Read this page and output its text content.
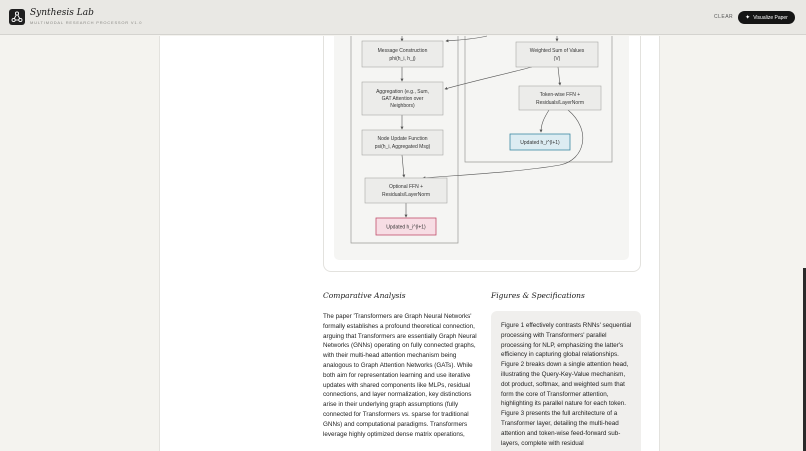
Synthesis Lab
MULTIMODAL RESEARCH PROCESSOR V1.0
CLEAR ✦ Visualize Paper
Message Construction
phi(h_i, h_j)
Aggregation (e.g., Sum,
GAT Attention over
Neighbors)
Node Update Function
psi(h_i, Aggregated Msg)
Optional FFN +
Residuals/LayerNorm
Updated h_i^(l+1)
Weighted Sum of Values
(V)
Token-wise FFN +
Residuals/LayerNorm
Updated h_i^(l+1)
Comparative Analysis	Figures & Specifications
The paper 'Transformers are Graph Neural Networks' formally establishes a profound theoretical connection, arguing that Transformers are essentially Graph Neural Networks (GNNs) operating on fully connected graphs, with their multi-head attention mechanism being analogous to Graph Attention Networks (GATs). While both aim for representation learning and use iterative updates with shared components like MLPs, residual connections, and layer normalization, key distinctions arise in their underlying graph assumptions (fully connected for Transformers vs. sparse for traditional GNNs) and computational paradigms. Transformers leverage highly optimized dense matrix operations,
Figure 1 effectively contrasts RNNs' sequential processing with Transformers' parallel processing for NLP, emphasizing the latter's efficiency in capturing global relationships. Figure 2 breaks down a single attention head, illustrating the Query-Key-Value mechanism, dot product, softmax, and weighted sum that form the core of Transformer attention, highlighting its parallel nature for each token. Figure 3 presents the full architecture of a Transformer layer, detailing the multi-head attention and token-wise feed-forward sub-layers, complete with residual
